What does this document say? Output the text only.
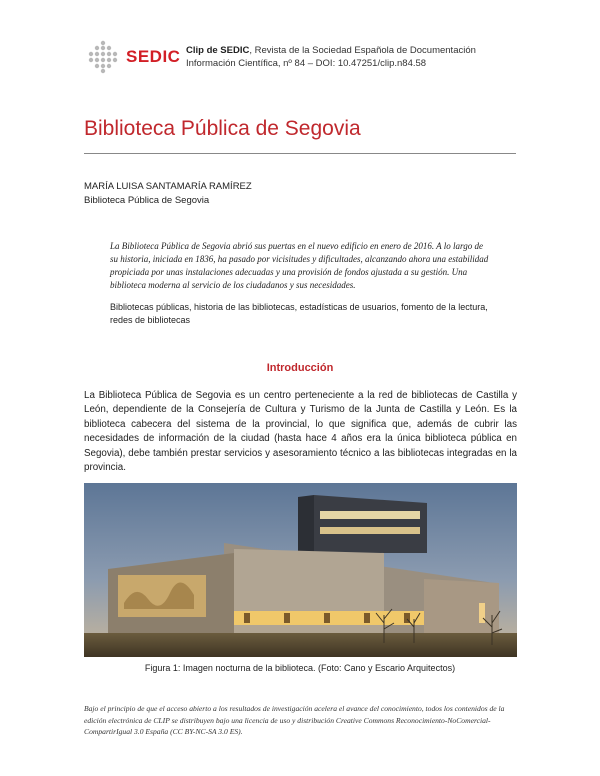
SEDIC Clip de SEDIC, Revista de la Sociedad Española de Documentación
Información Científica, nº 84 – DOI: 10.47251/clip.n84.58
Biblioteca Pública de Segovia
MARÍA LUISA SANTAMARÍA RAMÍREZ
Biblioteca Pública de Segovia
La Biblioteca Pública de Segovia abrió sus puertas en el nuevo edificio en enero de 2016. A lo largo de su historia, iniciada en 1836, ha pasado por vicisitudes y dificultades, alcanzando ahora una estabilidad propiciada por unas instalaciones adecuadas y una provisión de fondos ajustada a su gestión. Una biblioteca moderna al servicio de los ciudadanos y sus necesidades.
Bibliotecas públicas, historia de las bibliotecas, estadísticas de usuarios, fomento de la lectura, redes de bibliotecas
Introducción
La Biblioteca Pública de Segovia es un centro perteneciente a la red de bibliotecas de Castilla y León, dependiente de la Consejería de Cultura y Turismo de la Junta de Castilla y León. Es la biblioteca cabecera del sistema de la provincial, lo que significa que, además de cubrir las necesidades de información de la ciudad (hasta hace 4 años era la única biblioteca pública en Segovia), debe también prestar servicios y asesoramiento técnico a las bibliotecas integradas en la provincia.
Figura 1: Imagen nocturna de la biblioteca. (Foto: Cano y Escario Arquitectos)
Bajo el principio de que el acceso abierto a los resultados de investigación acelera el avance del conocimiento, todos los contenidos de la edición electrónica de CLIP se distribuyen bajo una licencia de uso y distribución Creative Commons Reconocimiento-NoComercial-CompartirIgual 3.0 España (CC BY-NC-SA 3.0 ES).
